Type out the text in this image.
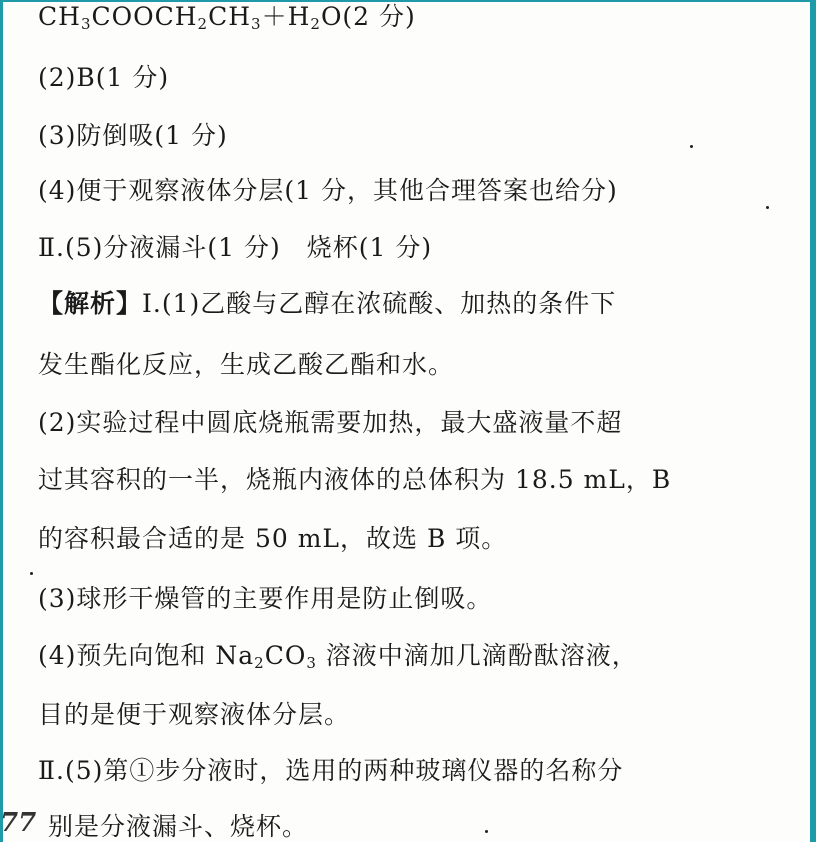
$CH_3COOCH_2CH_3+H_2O(2$ 分)
(2)B(1 分)
(3)防倒吸(1 分)
(4)便于观察液体分层(1 分，其他合理答案也给分)
Ⅱ.(5)分液漏斗(1 分)　烧杯(1 分)
【解析】Ⅰ.(1)乙酸与乙醇在浓硫酸、加热的条件下
发生酯化反应，生成乙酸乙酯和水。
(2)实验过程中圆底烧瓶需要加热，最大盛液量不超
过其容积的一半，烧瓶内液体的总体积为 18.5 mL，B
的容积最合适的是 50 mL，故选 B 项。
(3)球形干燥管的主要作用是防止倒吸。
(4)预先向饱和 $Na_2CO_3$ 溶液中滴加几滴酚酞溶液，
目的是便于观察液体分层。
Ⅱ.(5)第①步分液时，选用的两种玻璃仪器的名称分
别是分液漏斗、烧杯。
77
